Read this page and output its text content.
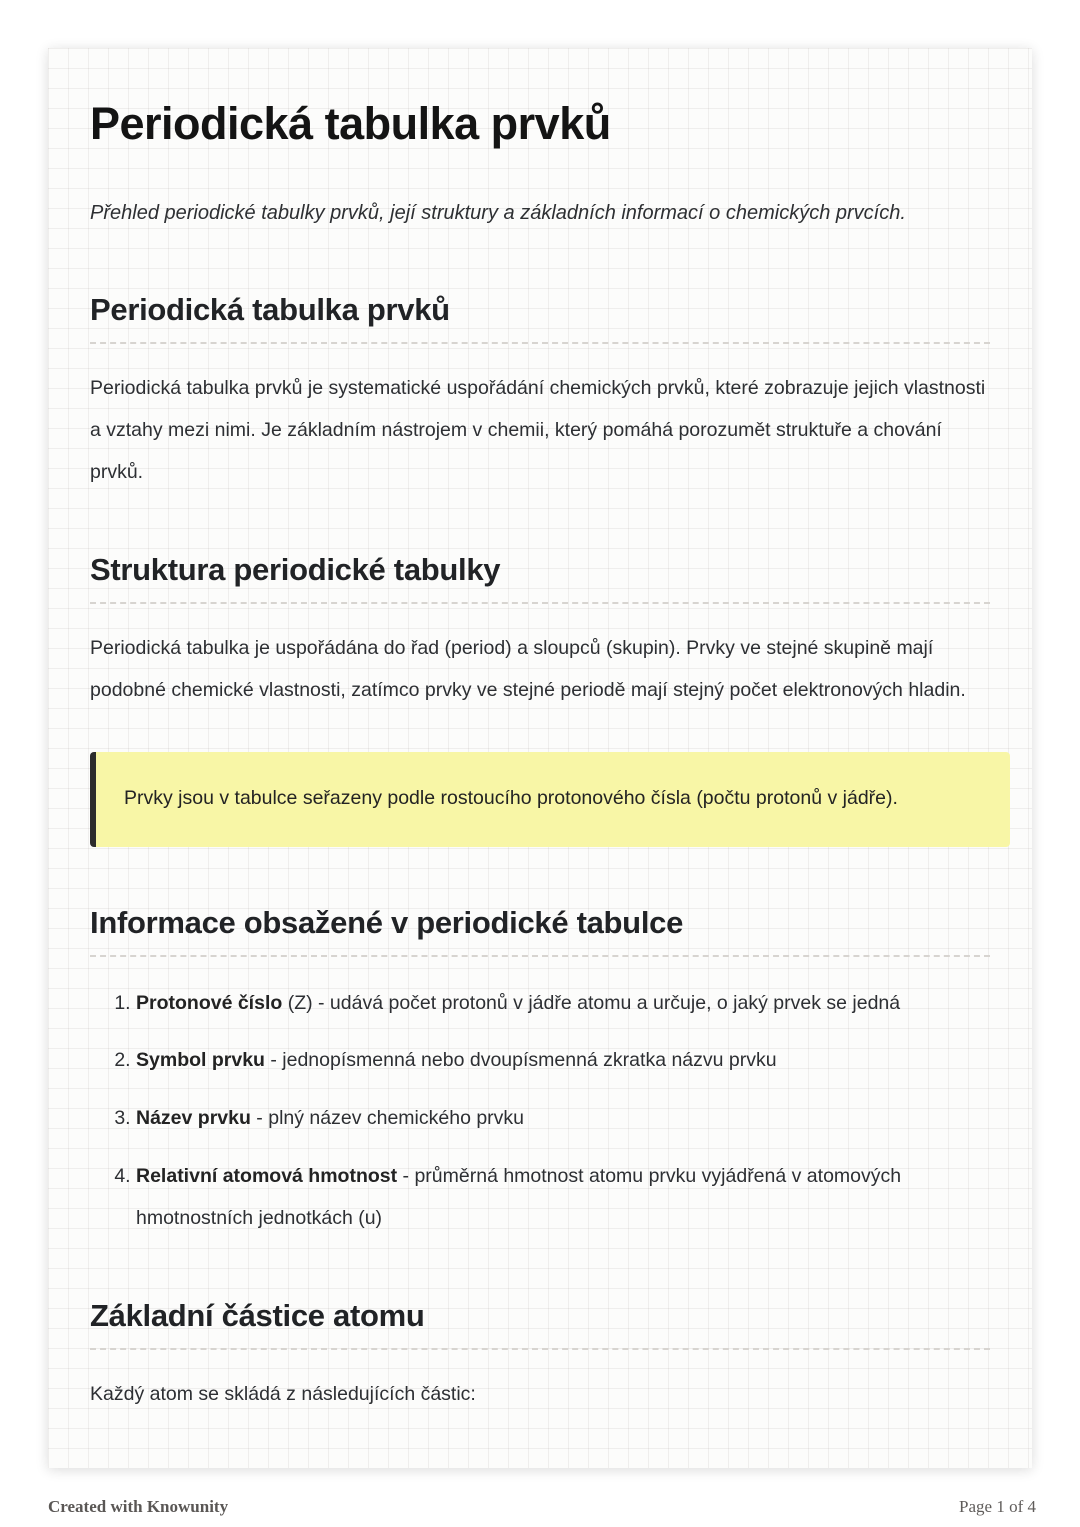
Periodická tabulka prvků

Přehled periodické tabulky prvků, její struktury a základních informací o chemických prvcích.

Periodická tabulka prvků

Periodická tabulka prvků je systematické uspořádání chemických prvků, které zobrazuje jejich vlastnosti a vztahy mezi nimi. Je základním nástrojem v chemii, který pomáhá porozumět struktuře a chování prvků.

Struktura periodické tabulky

Periodická tabulka je uspořádána do řad (period) a sloupců (skupin). Prvky ve stejné skupině mají podobné chemické vlastnosti, zatímco prvky ve stejné periodě mají stejný počet elektronových hladin.

Prvky jsou v tabulce seřazeny podle rostoucího protonového čísla (počtu protonů v jádře).

Informace obsažené v periodické tabulce
1. Protonové číslo (Z) - udává počet protonů v jádře atomu a určuje, o jaký prvek se jedná
2. Symbol prvku - jednopísmenná nebo dvoupísmenná zkratka názvu prvku
3. Název prvku - plný název chemického prvku
4. Relativní atomová hmotnost - průměrná hmotnost atomu prvku vyjádřená v atomových hmotnostních jednotkách (u)
Základní částice atomu

Každý atom se skládá z následujících částic:

Created with Knowunity	Page 1 of 4
